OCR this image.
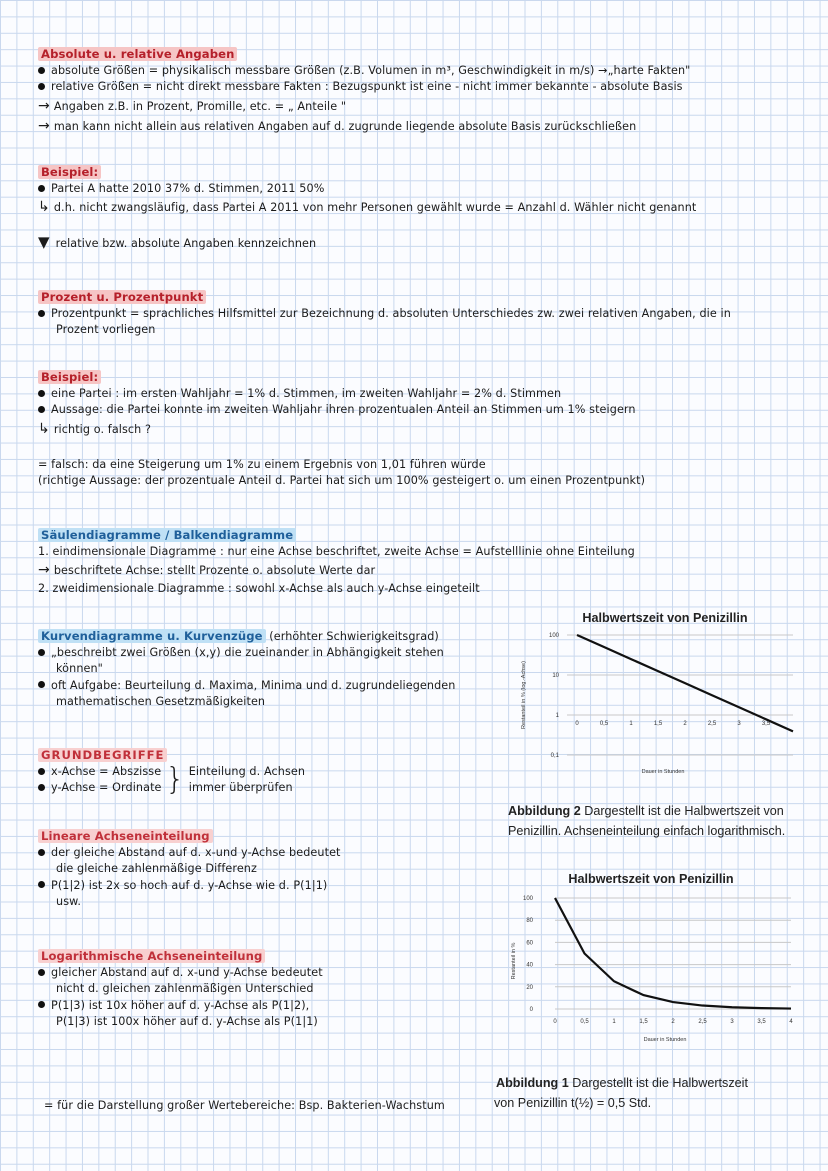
Absolute u. relative Angaben
absolute Größen = physikalisch messbare Größen (z.B. Volumen in m³, Geschwindigkeit in m/s) →„harte Fakten"
relative Größen = nicht direkt messbare Fakten : Bezugspunkt ist eine - nicht immer bekannte - absolute Basis
→ Angaben z.B. in Prozent, Promille, etc. = „ Anteile "
→ man kann nicht allein aus relativen Angaben auf d. zugrunde liegende absolute Basis zurückschließen
Beispiel:
Partei A hatte 2010 37% d. Stimmen, 2011 50%
↳ d.h. nicht zwangsläufig, dass Partei A 2011 von mehr Personen gewählt wurde = Anzahl d. Wähler nicht genannt
▼ relative bzw. absolute Angaben kennzeichnen
Prozent u. Prozentpunkt
Prozentpunkt = sprachliches Hilfsmittel zur Bezeichnung d. absoluten Unterschiedes zw. zwei relativen Angaben, die in
Prozent vorliegen
Beispiel:
eine Partei : im ersten Wahljahr = 1% d. Stimmen, im zweiten Wahljahr = 2% d. Stimmen
Aussage: die Partei konnte im zweiten Wahljahr ihren prozentualen Anteil an Stimmen um 1% steigern
↳ richtig o. falsch ?
= falsch: da eine Steigerung um 1% zu einem Ergebnis von 1,01 führen würde
(richtige Aussage: der prozentuale Anteil d. Partei hat sich um 100% gesteigert o. um einen Prozentpunkt)
Säulendiagramme / Balkendiagramme
1. eindimensionale Diagramme : nur eine Achse beschriftet, zweite Achse = Aufstelllinie ohne Einteilung
→ beschriftete Achse: stellt Prozente o. absolute Werte dar
2. zweidimensionale Diagramme : sowohl x-Achse als auch y-Achse eingeteilt
Kurvendiagramme u. Kurvenzüge (erhöhter Schwierigkeitsgrad)
„beschreibt zwei Größen (x,y) die zueinander in Abhängigkeit stehen
können"
oft Aufgabe: Beurteilung d. Maxima, Minima und d. zugrundeliegenden
mathematischen Gesetzmäßigkeiten
GRUNDBEGRIFFE
x-Achse = Abszisse
y-Achse = Ordinate } Einteilung d. Achsen
immer überprüfen
Lineare Achseneinteilung
der gleiche Abstand auf d. x-und y-Achse bedeutet
die gleiche zahlenmäßige Differenz
P(1|2) ist 2x so hoch auf d. y-Achse wie d. P(1|1)
usw.
Logarithmische Achseneinteilung
gleicher Abstand auf d. x-und y-Achse bedeutet
nicht d. gleichen zahlenmäßigen Unterschied
P(1|3) ist 10x höher auf d. y-Achse als P(1|2),
P(1|3) ist 100x höher auf d. y-Achse als P(1|1)
= für die Darstellung großer Wertebereiche: Bsp. Bakterien-Wachstum
Halbwertszeit von Penizillin
Restanteil in % (log.-Achse)
Dauer in Stunden
100
10
1
0,1
0	0,5	1	1,5	2	2,5	3	3,5
Abbildung 2 Dargestellt ist die Halbwertszeit von
Penizillin. Achseneinteilung einfach logarithmisch.
Halbwertszeit von Penizillin
Restanteil in %
Dauer in Stunden
100
80
60
40
20
0
0	0,5	1	1,5	2	2,5	3	3,5	4
Abbildung 1 Dargestellt ist die Halbwertszeit
von Penizillin t(½) = 0,5 Std.
